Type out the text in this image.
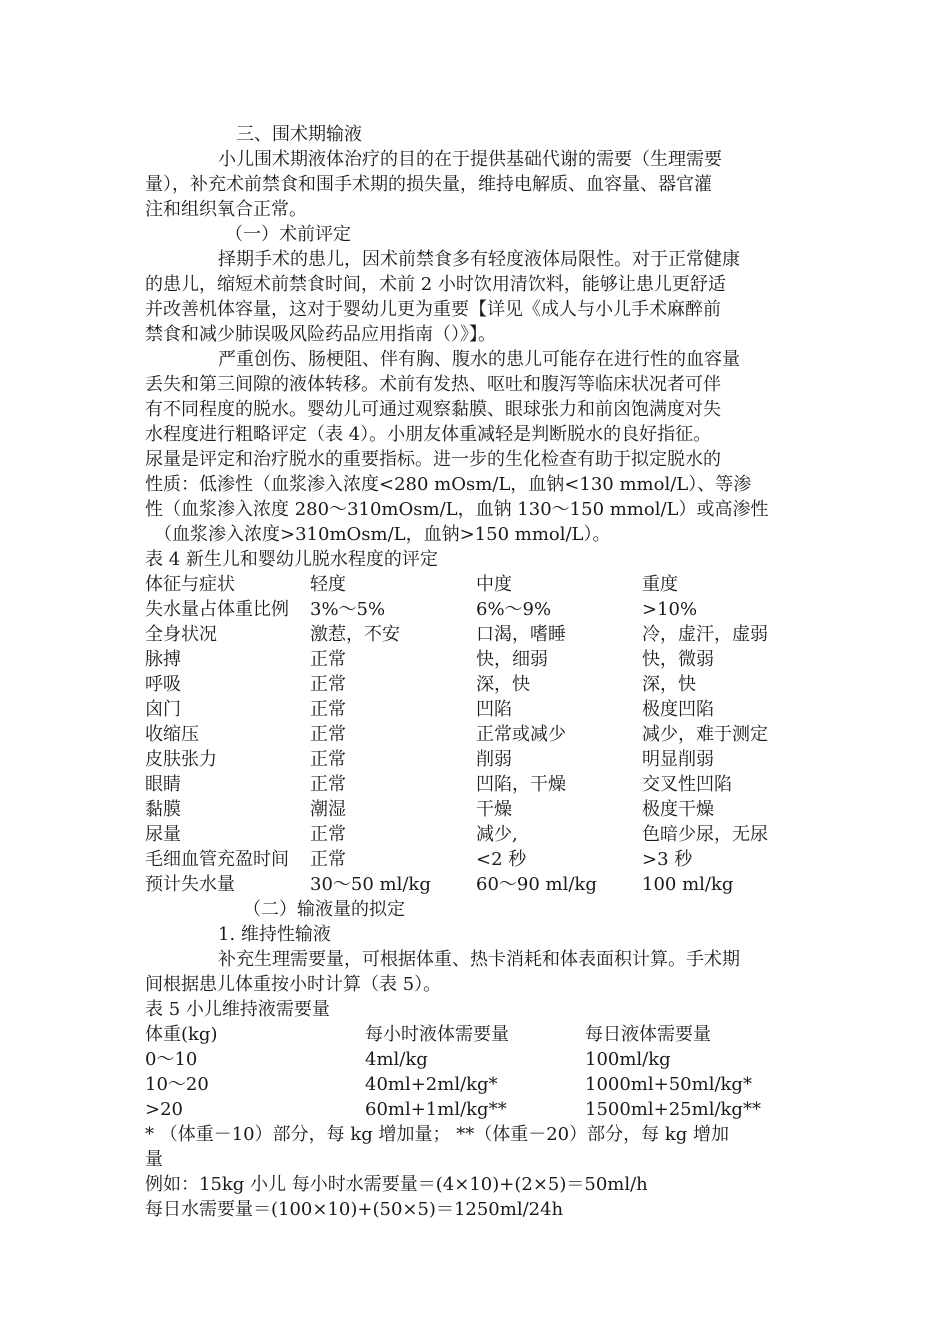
三、围术期输液
小儿围术期液体治疗的目的在于提供基础代谢的需要（生理需要
量），补充术前禁食和围手术期的损失量，维持电解质、血容量、器官灌
注和组织氧合正常。
（一）术前评定
择期手术的患儿，因术前禁食多有轻度液体局限性。对于正常健康
的患儿，缩短术前禁食时间，术前 2 小时饮用清饮料，能够让患儿更舒适
并改善机体容量，这对于婴幼儿更为重要【详见《成人与小儿手术麻醉前
禁食和减少肺误吸风险药品应用指南（）》】。
严重创伤、肠梗阻、伴有胸、腹水的患儿可能存在进行性的血容量
丢失和第三间隙的液体转移。术前有发热、呕吐和腹泻等临床状况者可伴
有不同程度的脱水。婴幼儿可通过观察黏膜、眼球张力和前囟饱满度对失
水程度进行粗略评定（表 4）。小朋友体重减轻是判断脱水的良好指征。
尿量是评定和治疗脱水的重要指标。进一步的生化检查有助于拟定脱水的
性质：低渗性（血浆渗入浓度<280 mOsm/L，血钠<130 mmol/L）、等渗
性（血浆渗入浓度 280～310mOsm/L，血钠 130～150 mmol/L）或高渗性
（血浆渗入浓度>310mOsm/L，血钠>150 mmol/L）。
表 4 新生儿和婴幼儿脱水程度的评定
体征与症状	轻度	中度	重度
失水量占体重比例 3%～5%	6%～9%	>10%
全身状况	激惹，不安	口渴，嗜睡	冷，虚汗，虚弱
脉搏	正常	快，细弱	快，微弱
呼吸	正常	深，快	深，快
囟门	正常	凹陷	极度凹陷
收缩压	正常	正常或减少	减少，难于测定
皮肤张力	正常	削弱	明显削弱
眼睛	正常	凹陷，干燥	交叉性凹陷
黏膜	潮湿	干燥	极度干燥
尿量	正常	减少,	色暗少尿，无尿
毛细血管充盈时间 正常	<2 秒	>3 秒
预计失水量	30～50 ml/kg	60～90 ml/kg	100 ml/kg
（二）输液量的拟定
1. 维持性输液
补充生理需要量，可根据体重、热卡消耗和体表面积计算。手术期
间根据患儿体重按小时计算（表 5）。
表 5 小儿维持液需要量
体重(kg)	每小时液体需要量	每日液体需要量
0～10	4ml/kg	100ml/kg
10～20	40ml+2ml/kg*	1000ml+50ml/kg*
>20	60ml+1ml/kg**	1500ml+25ml/kg**
* （体重－10）部分，每 kg 增加量； **（体重－20）部分，每 kg 增加
量
例如：15kg 小儿 每小时水需要量＝(4×10)+(2×5)＝50ml/h
每日水需要量＝(100×10)+(50×5)＝1250ml/24h
